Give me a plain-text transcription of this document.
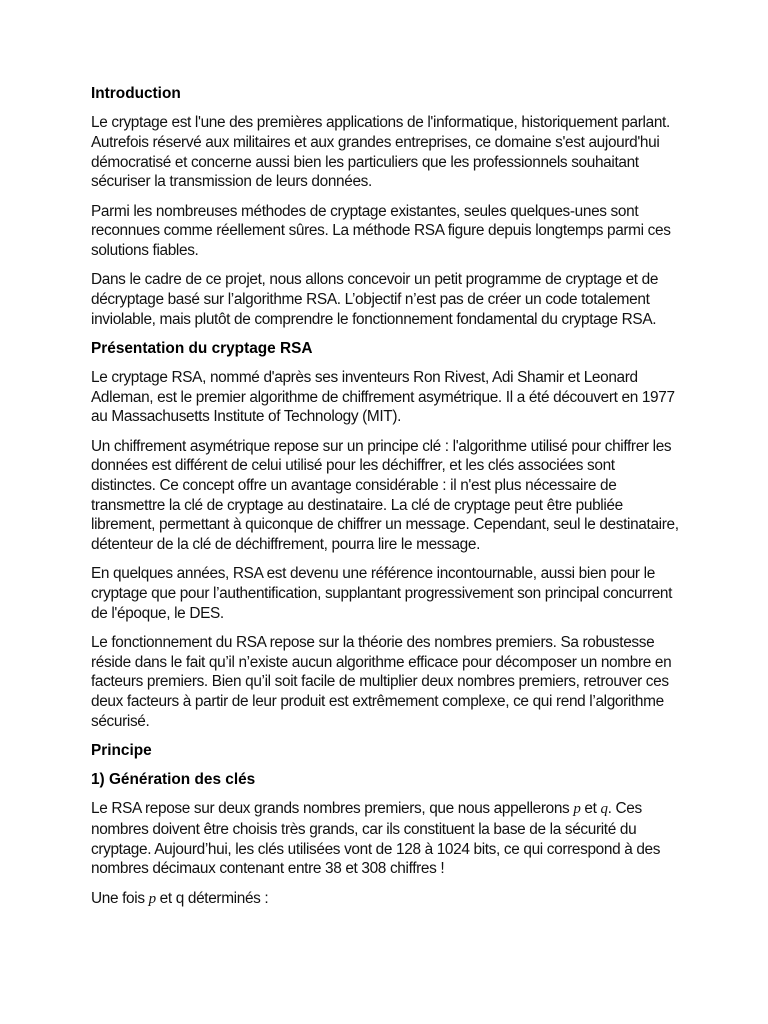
Introduction

Le cryptage est l'une des premières applications de l'informatique, historiquement parlant. Autrefois réservé aux militaires et aux grandes entreprises, ce domaine s'est aujourd'hui démocratisé et concerne aussi bien les particuliers que les professionnels souhaitant sécuriser la transmission de leurs données.

Parmi les nombreuses méthodes de cryptage existantes, seules quelques-unes sont reconnues comme réellement sûres. La méthode RSA figure depuis longtemps parmi ces solutions fiables.

Dans le cadre de ce projet, nous allons concevoir un petit programme de cryptage et de décryptage basé sur l’algorithme RSA. L’objectif n’est pas de créer un code totalement inviolable, mais plutôt de comprendre le fonctionnement fondamental du cryptage RSA.

Présentation du cryptage RSA

Le cryptage RSA, nommé d'après ses inventeurs Ron Rivest, Adi Shamir et Leonard Adleman, est le premier algorithme de chiffrement asymétrique. Il a été découvert en 1977 au Massachusetts Institute of Technology (MIT).

Un chiffrement asymétrique repose sur un principe clé : l'algorithme utilisé pour chiffrer les données est différent de celui utilisé pour les déchiffrer, et les clés associées sont distinctes. Ce concept offre un avantage considérable : il n'est plus nécessaire de transmettre la clé de cryptage au destinataire. La clé de cryptage peut être publiée librement, permettant à quiconque de chiffrer un message. Cependant, seul le destinataire, détenteur de la clé de déchiffrement, pourra lire le message.

En quelques années, RSA est devenu une référence incontournable, aussi bien pour le cryptage que pour l’authentification, supplantant progressivement son principal concurrent de l'époque, le DES.

Le fonctionnement du RSA repose sur la théorie des nombres premiers. Sa robustesse réside dans le fait qu’il n’existe aucun algorithme efficace pour décomposer un nombre en facteurs premiers. Bien qu’il soit facile de multiplier deux nombres premiers, retrouver ces deux facteurs à partir de leur produit est extrêmement complexe, ce qui rend l’algorithme sécurisé.

Principe
1) Génération des clés

Le RSA repose sur deux grands nombres premiers, que nous appellerons p et q. Ces nombres doivent être choisis très grands, car ils constituent la base de la sécurité du cryptage. Aujourd’hui, les clés utilisées vont de 128 à 1024 bits, ce qui correspond à des nombres décimaux contenant entre 38 et 308 chiffres !

Une fois p et q déterminés :
